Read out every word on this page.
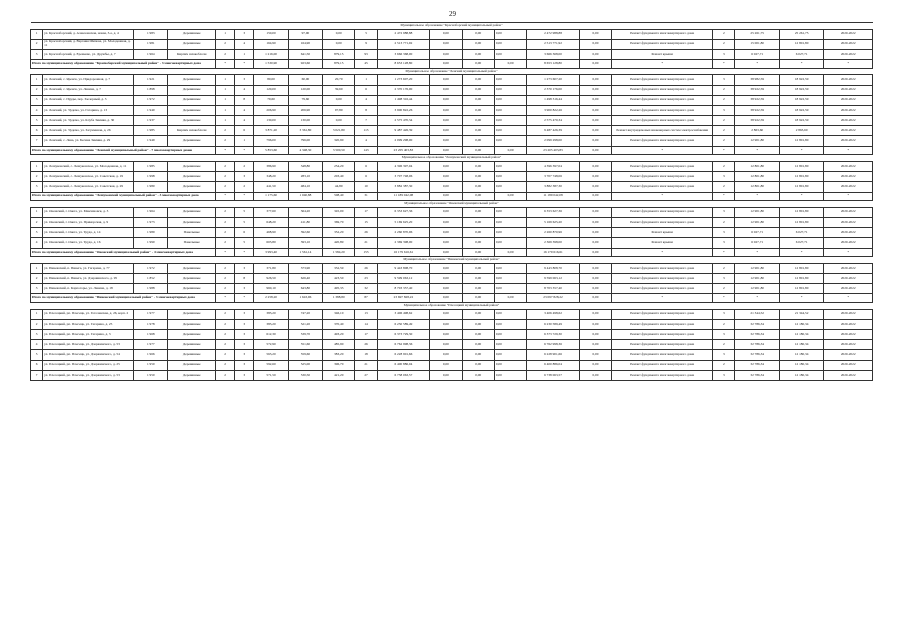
29
Муниципальное образование "Красноборский муниципальный район"																				
1	ул. Красноборский, д. Алексеевская, новая, 3-а, д. 4	1 983	Деревянные	1	3	150,00	97,90	0,00	5	2 472 988,88	0,00	0,00	0,00	2 472 988,88	0,00	Ремонт фундамента многоквартирного дома	2	25 261,75	25 261,75	2020-2022
2	ул. Красноборский, д. Верхняя Шипова, ул. Молодежная, д. 11	1 981	Деревянные	2	4	164,90	164,90	0,00	9	2 513 771,92	0,00	0,00	0,00	2 513 771,92	0,00	Ремонт фундамента многоквартирного дома	2	15 001,80	12 801,80	2020-2022
3	ул. Красноборский, д. Еремеево, ул. Дружбы, д. 7	1 964	Кирпич шлакоблочн	2	1	1 216,00	641,50	879,15	93	3 666 368,00	0,00	0,00	0,00	3 666 368,00	0,00	Ремонт крыши	3	6 027,71	6 027,71	2020-2022
Итого по муниципальному образованию "Красноборский муниципальный район" - 3 многоквартирных дома				*	*	1 530,90	923,60	879,15	45	8 653 128,80	0,00	0,00	0,00	8 653 128,80	0,00	*	*	*	*	*
Муниципальное образование "Ленский муниципальный район"																				
1	ул. Ленский, с. Яренск, ул. Придорожная, д. 7	1 921	Деревянные	1	3	80,00	60,00	20,70	1	1 273 607,20	0,00	0,00	0,00	1 273 607,20	0,00	Ремонт фундамента многоквартирного дома	3	38 982,59	18 922,59	2020-2022
2	ул. Ленский, с. Яренск, ул. Ленина, д. 7	1 898	Деревянные	1	4	120,00	120,00	39,60	6	2 370 176,00	0,00	0,00	0,00	2 370 176,00	0,00	Ремонт фундамента многоквартирного дома	2	38 922,59	18 922,59	2020-2022
3	ул. Ленский, с. Пруды, пер. Заозерный, д. 3	1 972	Деревянные	1	8	79,60	79,60	0,00	4	1 498 316,44	0,00	0,00	0,00	1 498 316,44	0,00	Ремонт фундамента многоквартирного дома	2	38 922,59	18 922,59	2020-2022
4	ул. Ленский, ул. Урдома, ул. Гагарина, д. 13	1 940	Деревянные	1	4	206,90	206,90	97,80	8	3 900 822,26	0,00	0,00	0,00	3 900 822,26	0,00	Ремонт фундамента многоквартирного дома	3	38 922,59	18 922,59	2020-2022
5	ул. Ленский, ул. Урдома, ул. Клуба Зимняя, д. 30	1 937	Деревянные	1	4	130,00	130,00	0,00	7	2 575 470,34	0,00	0,00	0,00	2 575 470,34	0,00	Ремонт фундамента многоквартирного дома	2	38 922,59	18 922,59	2020-2022
6	ул. Ленский, ул. Урдома, ул. Загуменная, д. 26	1 985	Кирпич шлакоблочн	2	6	3 871,20	3 361,80	3 021,80	113	9 487 426,39	0,00	0,00	0,00	9 487 426,39	0,00	Ремонт внутридомовых инженерных систем электроснабжения	2	2 863,60	2 863,60	2020-2022
7	ул. Ленский, с. Лена, ул. Бесина Зимняя, д. 29	1 949	Деревянные	2	1	796,00	796,00	320,90	4	2 099 298,00	0,00	0,00	0,00	2 099 298,00	0,00	Ремонт фундамента многоквартирного дома	2	12 901,80	12 801,80	2020-2022
Итого по муниципальному образованию "Ленский муниципальный район" - 7 многоквартирных домов				*	*	5 853,60	4 348,30	3 500,50	143	23 205 403,83	0,00	0,00	0,00	23 205 403,83	0,00	*	*	*	*	*
Муниципальное образование "Лешуконский муниципальный район"																				
1	ул. Лешуконский, с. Лешуконское, ул. Молодежная, д. 11	1 985	Деревянные	2	2	386,90	348,80	254,20	6	4 396 397,04	0,00	0,00	0,00	4 396 397,04	0,00	Ремонт фундамента многоквартирного дома	2	12 801,80	12 801,80	2020-2022
2	ул. Лешуконский, с. Лешуконское, ул. Советская, д. 19	1 998	Деревянные	2	3	348,20	283,10	203,40	6	3 707 748,06	0,00	0,00	0,00	3 707 748,06	0,00	Ремонт фундамента многоквартирного дома	3	12 801,80	12 801,80	2020-2022
3	ул. Лешуконский, с. Лешуконское, ул. Советская, д. 29	1 980	Деревянные	2	2	441,50	484,10	44,80	10	3 882 387,30	0,00	0,00	0,00	3 882 387,30	0,00	Ремонт фундамента многоквартирного дома	2	12 801,80	12 801,80	2020-2022
Итого по муниципальному образованию "Лешуконский муниципальный район" - 3 многоквартирных дома				*	*	1 175,60	1 040,88	508,40	31	11 189 042,08	0,00	0,00	0,00	11 189 042,08	0,00	*	*	*	*	*
Муниципальное образование "Онежский муниципальный район"																				
1	ул. Онежский, г. Онега, ул. Максимовск, д. 3	1 964	Деревянные	2	5	377,60	364,20	345,00	17	6 353 627,36	0,00	0,00	0,00	6 353 627,36	0,00	Ремонт фундамента многоквартирного дома	3	12 901,80	12 801,80	2020-2022
2	ул. Онежский, г. Онега, ул. Приморская, д. 9	1 973	Деревянные	2	5	648,20	411,80	369,70	15	5 169 625,20	0,00	0,00	0,00	5 169 625,20	0,00	Ремонт фундамента многоквартирного дома	2	12 901,80	12 801,80	2020-2022
3	ул. Онежский, г. Онега, ул. Труда, д. 14	1 989	Панельные	2	6	468,90	392,60	352,20	26	2 260 870,96	0,00	0,00	0,00	2 260 870,96	0,00	Ремонт крыши	3	6 027,71	6 027,71	2020-2022
4	ул. Онежский, г. Онега, ул. Труда, д. 16	1 990	Панельные	2	5	603,80	393,10	420,89	21	2 369 398,00	0,00	0,00	0,00	2 369 398,00	0,00	Ремонт крыши	3	6 027,71	6 027,71	2020-2022
Итого по муниципальному образованию "Онежский муниципальный район" - 4 многоквартирных дома				*	*	3 993,40	1 561,14	1 584,20	155	16 179 616,61	0,00	0,00	0,00	16 179 616,61	0,00	*	*	*	*	*
Муниципальное образование "Пинежский муниципальный район"																				
1	ул. Пинежский, п. Пинега, ул. Гагарина, д. 77	1 972	Деревянные	2	3	371,80	373,90	332,59	26	9 443 808,70	0,00	0,00	0,00	9 443 808,70	0,00	Ремонт фундамента многоквартирного дома	2	12 901,80	12 801,80	2020-2022
2	ул. Пинежский, п. Пинега, ул. Дзержинского, д. 95	1 852	Деревянные	2	8	926,50	626,40	423,50	23	9 599 063,12	0,00	0,00	0,00	9 599 063,12	0,00	Ремонт фундамента многоквартирного дома	3	12 901,80	12 801,80	2020-2022
3	ул. Пинежский, п. Карпогоры, ул. Ленина, д. 18	1 988	Деревянные	2	3	960,10	643,80	495,33	32	8 703 357,40	0,00	0,00	0,00	8 703 357,40	0,00	Ремонт фундамента многоквартирного дома	2	12 901,80	12 801,80	2020-2022
Итого по муниципальному образованию "Пинежский муниципальный район" - 3 многоквартирных дома				*	*	2 258,20	1 643,96	1 388,80	87	23 697 828,22	0,00	0,00	0,00	23 097 828,22	0,00	*	*	*	*	*
Муниципальное образование "Плесецкий муниципальный район"																				
1	ул. Плесецкий, рп. Плесецк, ул. Гоголевская, д. 26, корп. 2	1 977	Деревянные	2	3	383,20	747,20	346,10	13	3 406 498,62	0,00	0,00	0,00	3 406 498,62	0,00	Ремонт фундамента многоквартирного дома	3	21 344,52	21 344,52	2020-2022
2	ул. Плесецкий, рп. Плесецк, ул. Гагарина, д. 25	1 978	Деревянные	2	3	383,20	521,20	370,40	14	6 230 589,49	0,00	0,00	0,00	6 230 589,49	0,00	Ремонт фундамента многоквартирного дома	2	32 786,34	12 180,34	2020-2022
3	ул. Плесецкий, рп. Плесецк, ул. Гагарина, д. 3	1 968	Деревянные	2	3	612,30	539,70	493,20	17	6 373 729,30	0,00	0,00	0,00	6 373 729,30	0,00	Ремонт фундамента многоквартирного дома	3	32 786,34	12 180,34	2020-2022
4	ул. Плесецкий, рп. Плесецк, ул. Дзержинского, д. 53	1 977	Деревянные	2	3	572,90	551,60	485,90	26	6 762 998,36	0,00	0,00	0,00	6 762 998,36	0,00	Ремонт фундамента многоквартирного дома	2	32 786,34	12 180,34	2020-2022
5	ул. Плесецкий, рп. Плесецк, ул. Дзержинского, д. 54	1 966	Деревянные	2	3	563,20	559,60	383,20	18	6 228 901,66	0,00	0,00	0,00	6 228 901,66	0,00	Ремонт фундамента многоквартирного дома	3	32 786,34	12 180,34	2020-2022
6	ул. Плесецкий, рп. Плесецк, ул. Дзержинского, д. 25	1 950	Деревянные	2	3	592,60	525,00	396,70	21	6 400 886,04	0,00	0,00	0,00	6 400 886,04	0,00	Ремонт фундамента многоквартирного дома	2	32 786,34	12 180,34	2020-2022
7	ул. Плесецкий, рп. Плесецк, ул. Дзержинского, д. 53	1 950	Деревянные	2	3	571,50	530,50	421,20	27	6 738 063,57	0,00	0,00	0,00	6 738 063,57	0,00	Ремонт фундамента многоквартирного дома	3	32 786,34	12 180,34	2020-2022
